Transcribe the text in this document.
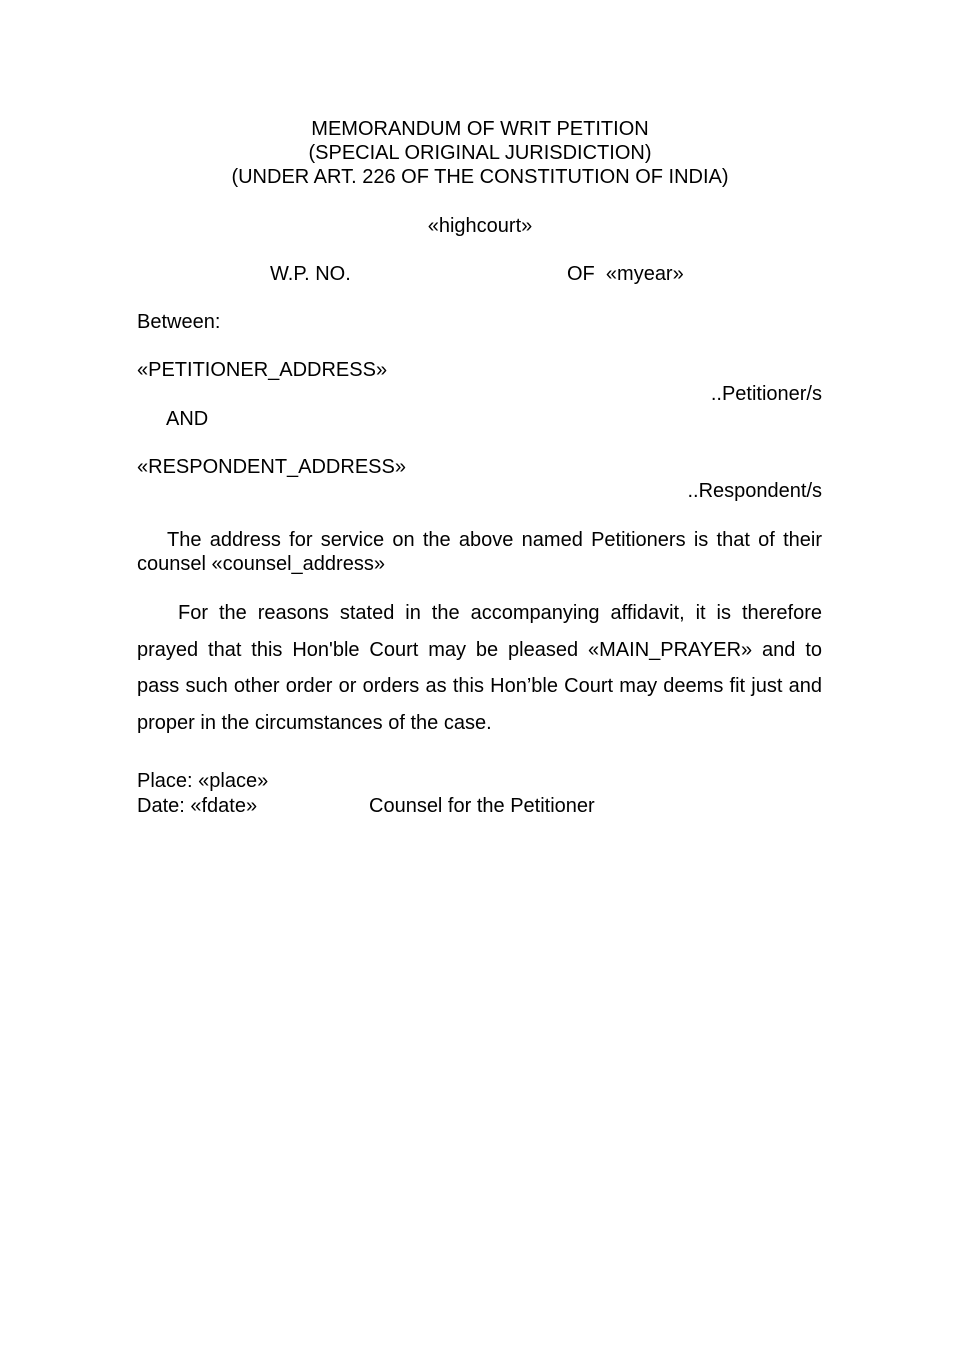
MEMORANDUM OF WRIT PETITION
(SPECIAL ORIGINAL JURISDICTION)
(UNDER ART. 226 OF THE CONSTITUTION OF INDIA)
«highcourt»
W.P. NO.	OF «myear»
Between:
«PETITIONER_ADDRESS»
..Petitioner/s
AND
«RESPONDENT_ADDRESS»
..Respondent/s
The address for service on the above named Petitioners is that of their counsel «counsel_address»
For the reasons stated in the accompanying affidavit, it is therefore prayed that this Hon'ble Court may be pleased «MAIN_PRAYER» and to pass such other order or orders as this Hon’ble Court may deems fit just and proper in the circumstances of the case.
Place: «place»
Date: «fdate»	Counsel for the Petitioner
